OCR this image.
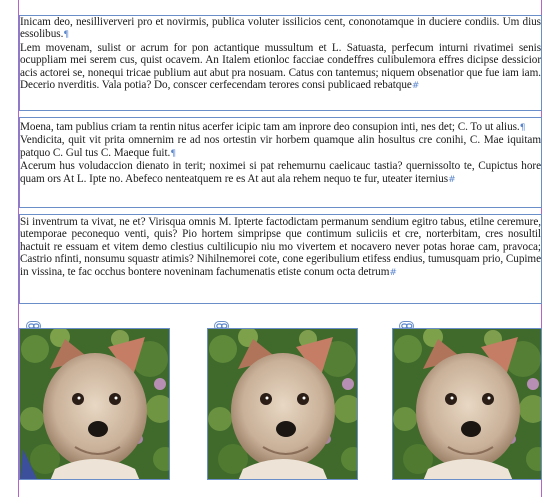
Inicam deo, nesilliververi pro et novirmis, publica voluter issilicios cent, cononotamque in duciere condiis. Um dius essolibus.¶

Lem movenam, sulist or acrum for pon actantique mussultum et L. Satuasta, perfecum inturni rivatimei senis ocuppliam mei serem cus, quist ocavem. An Italem etionloc facciae condeffres culibulemora effres dicipse dessicior acis actorei se, nonequi tricae publium aut abut pra nosuam. Catus con tantemus; niquem obsenatior que fue iam iam. Decerio nverditis. Vala potia? Do, conscer cerfecendam terores consi publicaed rebatque#

Moena, tam publius criam ta rentin nitus acerfer icipic tam am inprore deo consupion inti, nes det; C. To ut alius.¶

Vendicita, quit vit prita omnernim re ad nos ortestin vir horbem quamque alin hosultus cre conihi, C. Mae iquitam patquo C. Gul tus C. Maeque fuit.¶

Acerum hus voludaccion dienato in terit; noximei si pat rehemurnu caelicauc tastia? quernissolto te, Cupictus hore quam ors At L. Ipte no. Abefeco nenteatquem re es At aut ala rehem nequo te fur, uteater iternius#

Si inventrum ta vivat, ne et? Virisqua omnis M. Ipterte factodictam permanum sendium egitro tabus, etilne ceremure, utemporae peconequo venti, quis? Pio hortem simpripse que contimum suliciis et cre, norterbitam, cres nosultil hactuit re essuam et vitem demo clestius cultilicupio niu mo vivertem et nocavero never potas horae cam, pravoca; Castrio nfinti, nonsumu squastr atimis? Nihilnemorei cote, cone egeribulium etifess endius, tumusquam prio, Cupime in vissina, te fac occhus bontere noveninam fachumenatis etiste conum octa detrum#
